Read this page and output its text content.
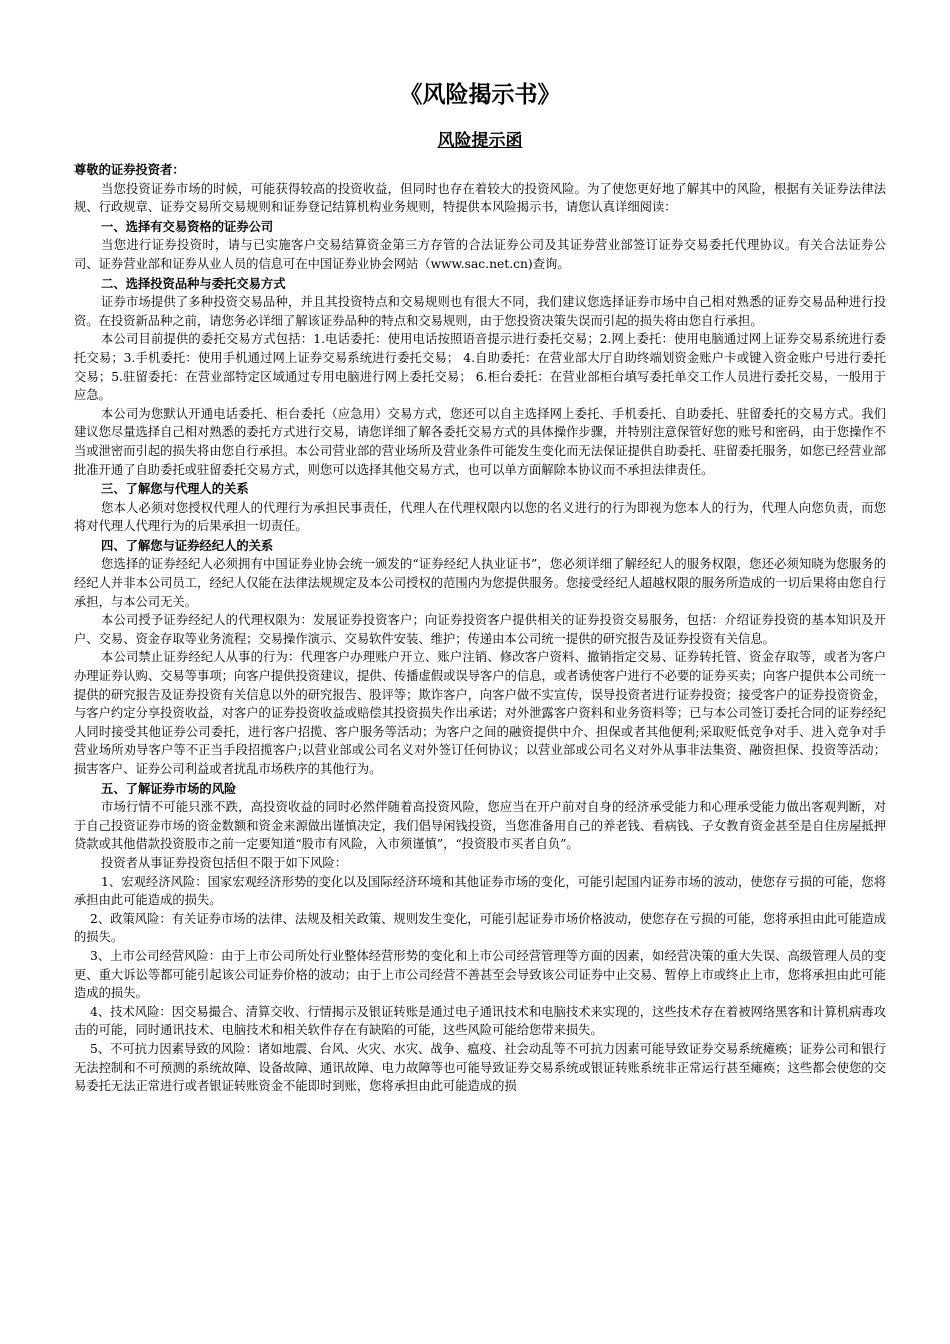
《风险揭示书》
风险提示函

尊敬的证券投资者：

当您投资证券市场的时候，可能获得较高的投资收益，但同时也存在着较大的投资风险。为了使您更好地了解其中的风险，根据有关证券法律法规、行政规章、证券交易所交易规则和证券登记结算机构业务规则，特提供本风险揭示书，请您认真详细阅读：

一、选择有交易资格的证券公司

当您进行证券投资时，请与已实施客户交易结算资金第三方存管的合法证券公司及其证券营业部签订证券交易委托代理协议。有关合法证券公司、证券营业部和证券从业人员的信息可在中国证券业协会网站（www.sac.net.cn)查询。

二、选择投资品种与委托交易方式

证券市场提供了多种投资交易品种，并且其投资特点和交易规则也有很大不同，我们建议您选择证券市场中自己相对熟悉的证券交易品种进行投资。在投资新品种之前，请您务必详细了解该证券品种的特点和交易规则，由于您投资决策失误而引起的损失将由您自行承担。

本公司目前提供的委托交易方式包括：1.电话委托：使用电话按照语音提示进行委托交易；2.网上委托：使用电脑通过网上证券交易系统进行委托交易；3.手机委托：使用手机通过网上证券交易系统进行委托交易； 4.自助委托：在营业部大厅自助终端划资金账户卡或键入资金账户号进行委托交易；5.驻留委托：在营业部特定区域通过专用电脑进行网上委托交易； 6.柜台委托：在营业部柜台填写委托单交工作人员进行委托交易，一般用于应急。

本公司为您默认开通电话委托、柜台委托（应急用）交易方式，您还可以自主选择网上委托、手机委托、自助委托、驻留委托的交易方式。我们建议您尽量选择自己相对熟悉的委托方式进行交易，请您详细了解各委托交易方式的具体操作步骤，并特别注意保管好您的账号和密码，由于您操作不当或泄密而引起的损失将由您自行承担。本公司营业部的营业场所及营业条件可能发生变化而无法保证提供自助委托、驻留委托服务，如您已经营业部批准开通了自助委托或驻留委托交易方式，则您可以选择其他交易方式，也可以单方面解除本协议而不承担法律责任。

三、了解您与代理人的关系

您本人必须对您授权代理人的代理行为承担民事责任，代理人在代理权限内以您的名义进行的行为即视为您本人的行为，代理人向您负责，而您将对代理人代理行为的后果承担一切责任。

四、了解您与证券经纪人的关系

您选择的证券经纪人必须拥有中国证券业协会统一颁发的“证券经纪人执业证书”，您必须详细了解经纪人的服务权限，您还必须知晓为您服务的经纪人并非本公司员工，经纪人仅能在法律法规规定及本公司授权的范围内为您提供服务。您接受经纪人超越权限的服务所造成的一切后果将由您自行承担，与本公司无关。

本公司授予证券经纪人的代理权限为：发展证券投资客户；向证券投资客户提供相关的证券投资交易服务，包括：介绍证券投资的基本知识及开户、交易、资金存取等业务流程；交易操作演示、交易软件安装、维护；传递由本公司统一提供的研究报告及证券投资有关信息。

本公司禁止证券经纪人从事的行为：代理客户办理账户开立、账户注销、修改客户资料、撤销指定交易、证券转托管、资金存取等，或者为客户办理证券认购、交易等事项；向客户提供投资建议，提供、传播虚假或误导客户的信息，或者诱使客户进行不必要的证券买卖；向客户提供本公司统一提供的研究报告及证券投资有关信息以外的研究报告、股评等；欺诈客户，向客户做不实宣传，误导投资者进行证券投资；接受客户的证券投资资金，与客户约定分享投资收益，对客户的证券投资收益或赔偿其投资损失作出承诺；对外泄露客户资料和业务资料等；已与本公司签订委托合同的证券经纪人同时接受其他证券公司委托，进行客户招揽、客户服务等活动；为客户之间的融资提供中介、担保或者其他便利;采取贬低竞争对手、进入竞争对手营业场所劝导客户等不正当手段招揽客户;以营业部或公司名义对外签订任何协议；以营业部或公司名义对外从事非法集资、融资担保、投资等活动；损害客户、证券公司利益或者扰乱市场秩序的其他行为。

五、了解证券市场的风险

市场行情不可能只涨不跌，高投资收益的同时必然伴随着高投资风险，您应当在开户前对自身的经济承受能力和心理承受能力做出客观判断，对于自己投资证券市场的资金数额和资金来源做出谨慎决定，我们倡导闲钱投资，当您准备用自己的养老钱、看病钱、子女教育资金甚至是自住房屋抵押贷款或其他借款投资股市之前一定要知道“股市有风险，入市须谨慎”，“投资股市买者自负”。

投资者从事证券投资包括但不限于如下风险：

1、宏观经济风险：国家宏观经济形势的变化以及国际经济环境和其他证券市场的变化，可能引起国内证券市场的波动，使您存亏损的可能，您将承担由此可能造成的损失。

2、政策风险：有关证券市场的法律、法规及相关政策、规则发生变化，可能引起证券市场价格波动，使您存在亏损的可能，您将承担由此可能造成的损失。

3、上市公司经营风险：由于上市公司所处行业整体经营形势的变化和上市公司经营管理等方面的因素，如经营决策的重大失误、高级管理人员的变更、重大诉讼等都可能引起该公司证券价格的波动；由于上市公司经营不善甚至会导致该公司证券中止交易、暂停上市或终止上市，您将承担由此可能造成的损失。

4、技术风险：因交易撮合、清算交收、行情揭示及银证转账是通过电子通讯技术和电脑技术来实现的，这些技术存在着被网络黑客和计算机病毒攻击的可能，同时通讯技术、电脑技术和相关软件存在有缺陷的可能，这些风险可能给您带来损失。

5、不可抗力因素导致的风险：诸如地震、台风、火灾、水灾、战争、瘟疫、社会动乱等不可抗力因素可能导致证券交易系统瘫痪；证券公司和银行无法控制和不可预测的系统故障、设备故障、通讯故障、电力故障等也可能导致证券交易系统或银证转账系统非正常运行甚至瘫痪；这些都会使您的交易委托无法正常进行或者银证转账资金不能即时到账，您将承担由此可能造成的损
